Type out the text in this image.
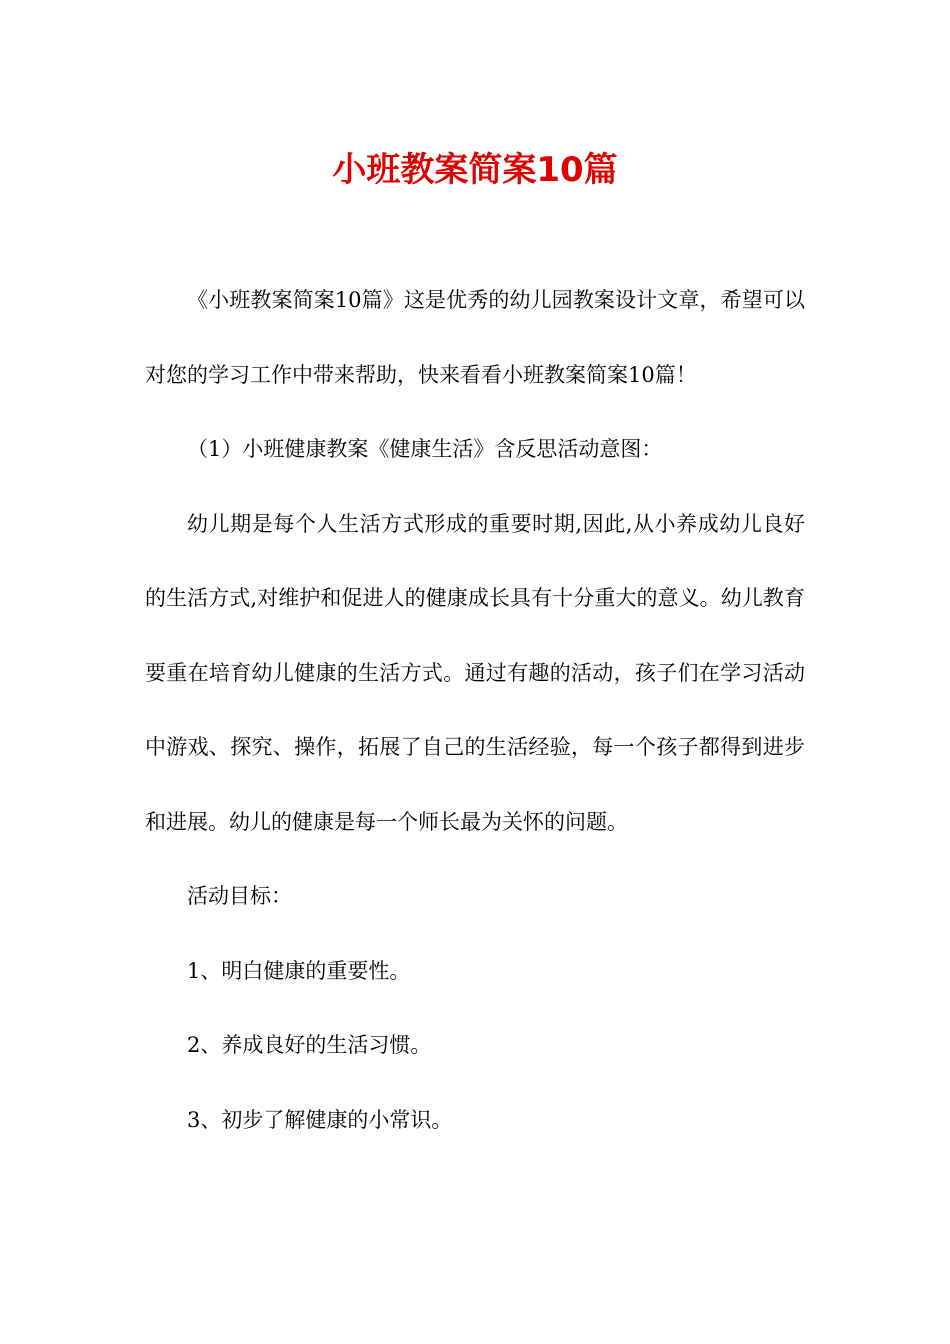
小班教案简案10篇

《小班教案简案10篇》这是优秀的幼儿园教案设计文章，希望可以对您的学习工作中带来帮助，快来看看小班教案简案10篇！

（1）小班健康教案《健康生活》含反思活动意图：

幼儿期是每个人生活方式形成的重要时期,因此,从小养成幼儿良好的生活方式,对维护和促进人的健康成长具有十分重大的意义。幼儿教育要重在培育幼儿健康的生活方式。通过有趣的活动，孩子们在学习活动中游戏、探究、操作，拓展了自己的生活经验，每一个孩子都得到进步和进展。幼儿的健康是每一个师长最为关怀的问题。

活动目标：

1、明白健康的重要性。

2、养成良好的生活习惯。

3、初步了解健康的小常识。
